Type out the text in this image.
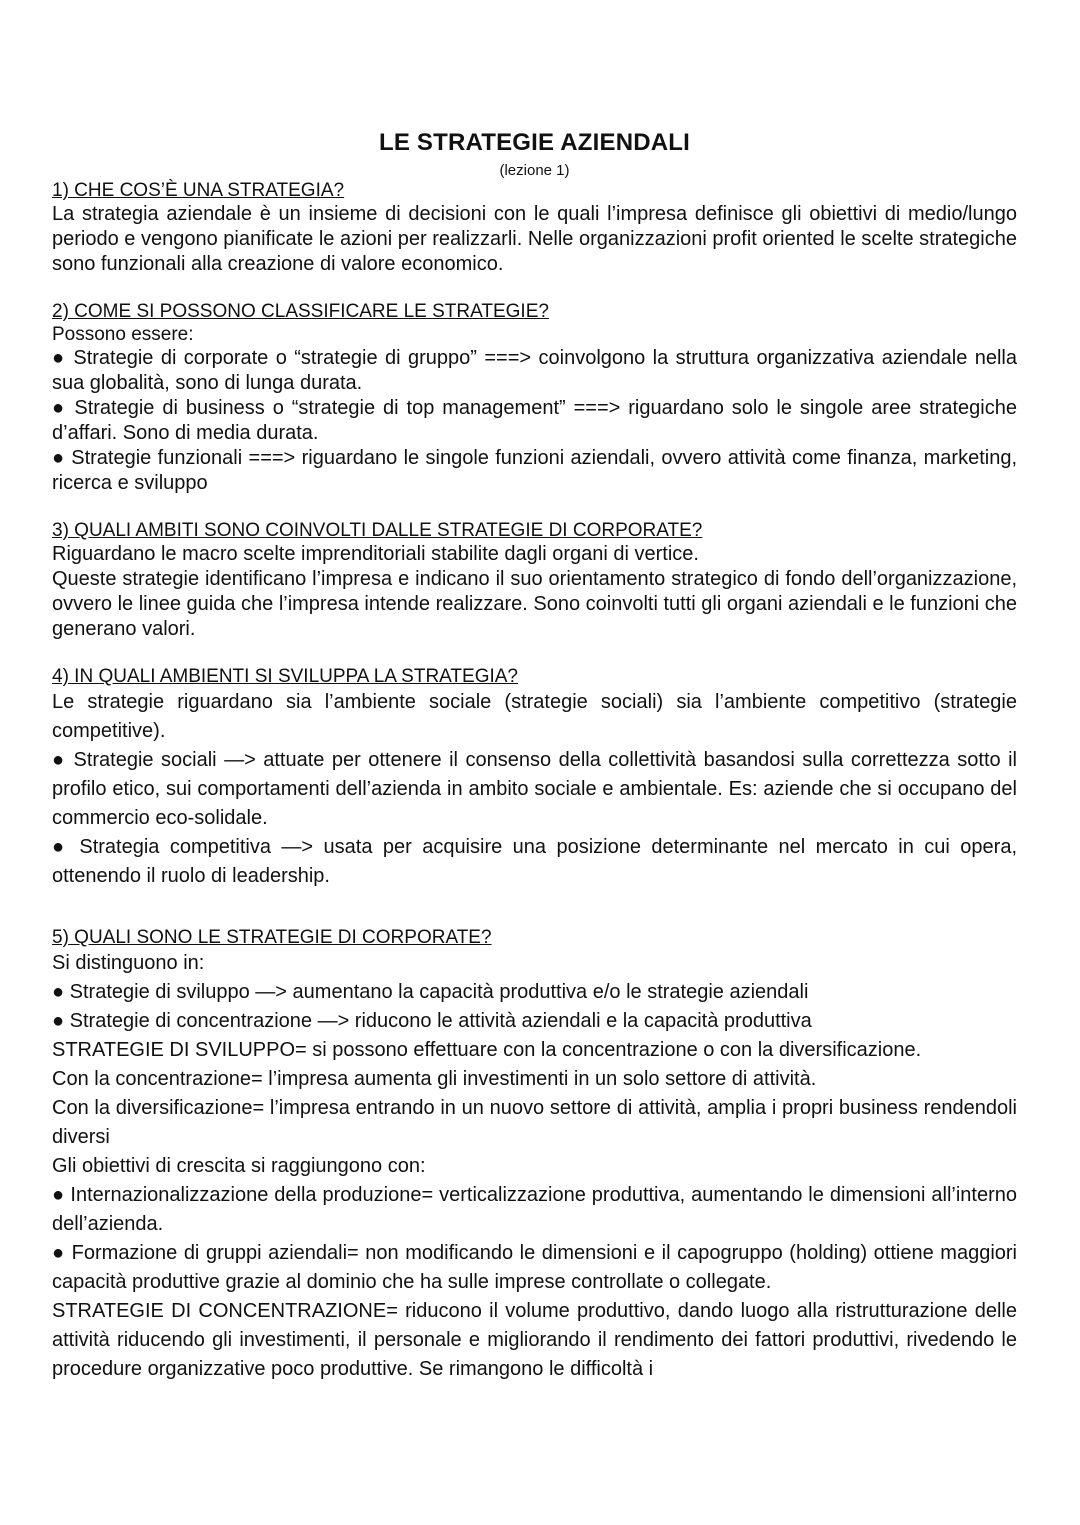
LE STRATEGIE AZIENDALI
(lezione 1)
1) CHE COS’È UNA STRATEGIA?

La strategia aziendale è un insieme di decisioni con le quali l’impresa definisce gli obiettivi di medio/lungo periodo e vengono pianificate le azioni per realizzarli. Nelle organizzazioni profit oriented le scelte strategiche sono funzionali alla creazione di valore economico.

2) COME SI POSSONO CLASSIFICARE LE STRATEGIE?

Possono essere:

● Strategie di corporate o “strategie di gruppo” ===> coinvolgono la struttura organizzativa aziendale nella sua globalità, sono di lunga durata.

● Strategie di business o “strategie di top management” ===> riguardano solo le singole aree strategiche d’affari. Sono di media durata.

● Strategie funzionali ===> riguardano le singole funzioni aziendali, ovvero attività come finanza, marketing, ricerca e sviluppo

3) QUALI AMBITI SONO COINVOLTI DALLE STRATEGIE DI CORPORATE?

Riguardano le macro scelte imprenditoriali stabilite dagli organi di vertice.

Queste strategie identificano l’impresa e indicano il suo orientamento strategico di fondo dell’organizzazione, ovvero le linee guida che l’impresa intende realizzare. Sono coinvolti tutti gli organi aziendali e le funzioni che generano valori.

4) IN QUALI AMBIENTI SI SVILUPPA LA STRATEGIA?

Le strategie riguardano sia l’ambiente sociale (strategie sociali) sia l’ambiente competitivo (strategie competitive).

● Strategie sociali —> attuate per ottenere il consenso della collettività basandosi sulla correttezza sotto il profilo etico, sui comportamenti dell’azienda in ambito sociale e ambientale. Es: aziende che si occupano del commercio eco-solidale.

● Strategia competitiva —> usata per acquisire una posizione determinante nel mercato in cui opera, ottenendo il ruolo di leadership.

5) QUALI SONO LE STRATEGIE DI CORPORATE?

Si distinguono in:

● Strategie di sviluppo —> aumentano la capacità produttiva e/o le strategie aziendali

● Strategie di concentrazione —> riducono le attività aziendali e la capacità produttiva

STRATEGIE DI SVILUPPO= si possono effettuare con la concentrazione o con la diversificazione.

Con la concentrazione= l’impresa aumenta gli investimenti in un solo settore di attività.

Con la diversificazione= l’impresa entrando in un nuovo settore di attività, amplia i propri business rendendoli diversi

Gli obiettivi di crescita si raggiungono con:

● Internazionalizzazione della produzione= verticalizzazione produttiva, aumentando le dimensioni all’interno dell’azienda.

● Formazione di gruppi aziendali= non modificando le dimensioni e il capogruppo (holding) ottiene maggiori capacità produttive grazie al dominio che ha sulle imprese controllate o collegate.

STRATEGIE DI CONCENTRAZIONE= riducono il volume produttivo, dando luogo alla ristrutturazione delle attività riducendo gli investimenti, il personale e migliorando il rendimento dei fattori produttivi, rivedendo le procedure organizzative poco produttive. Se rimangono le difficoltà i
